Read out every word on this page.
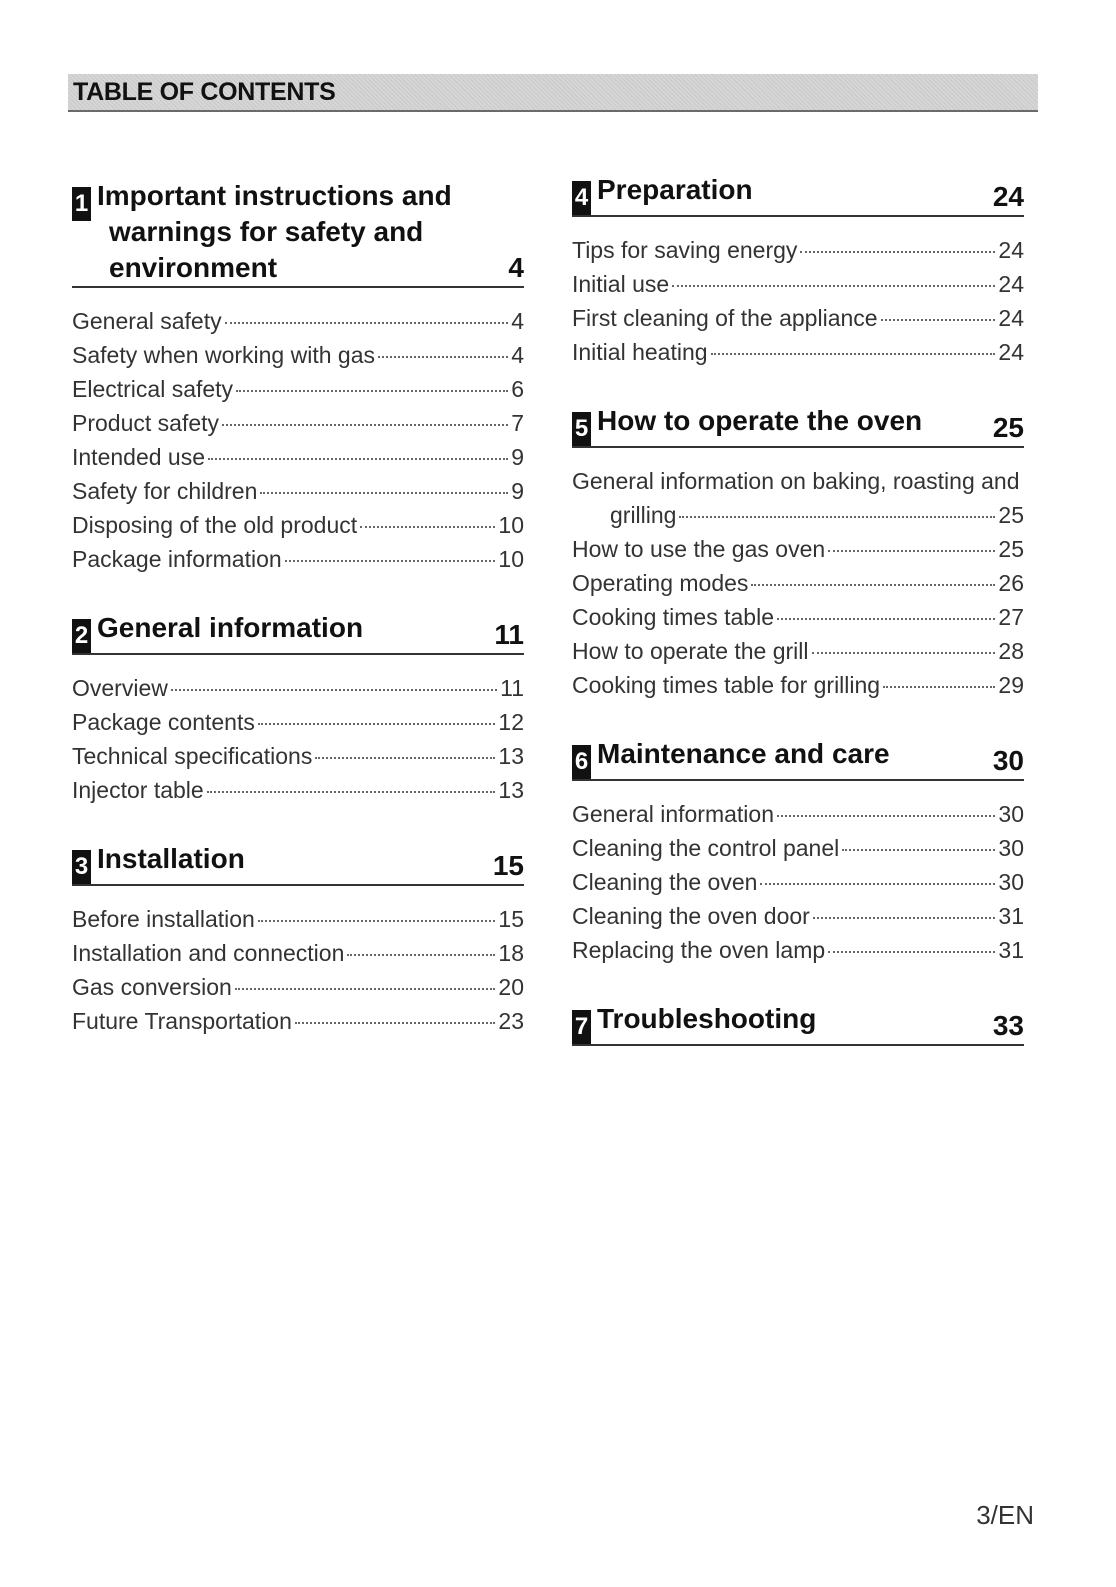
TABLE OF CONTENTS
1 Important instructions and
warnings for safety and
environment	4
General safety	4
Safety when working with gas	4
Electrical safety	6
Product safety	7
Intended use	9
Safety for children	9
Disposing of the old product	10
Package information	10
2 General information	11
Overview	11
Package contents	12
Technical specifications	13
Injector table	13
3 Installation	15
Before installation	15
Installation and connection	18
Gas conversion	20
Future Transportation	23
4 Preparation	24
Tips for saving energy	24
Initial use	24
First cleaning of the appliance	24
Initial heating	24
5 How to operate the oven	25
General information on baking, roasting and
grilling	25
How to use the gas oven	25
Operating modes	26
Cooking times table	27
How to operate the grill	28
Cooking times table for grilling	29
6 Maintenance and care	30
General information	30
Cleaning the control panel	30
Cleaning the oven	30
Cleaning the oven door	31
Replacing the oven lamp	31
7 Troubleshooting	33
3/EN
